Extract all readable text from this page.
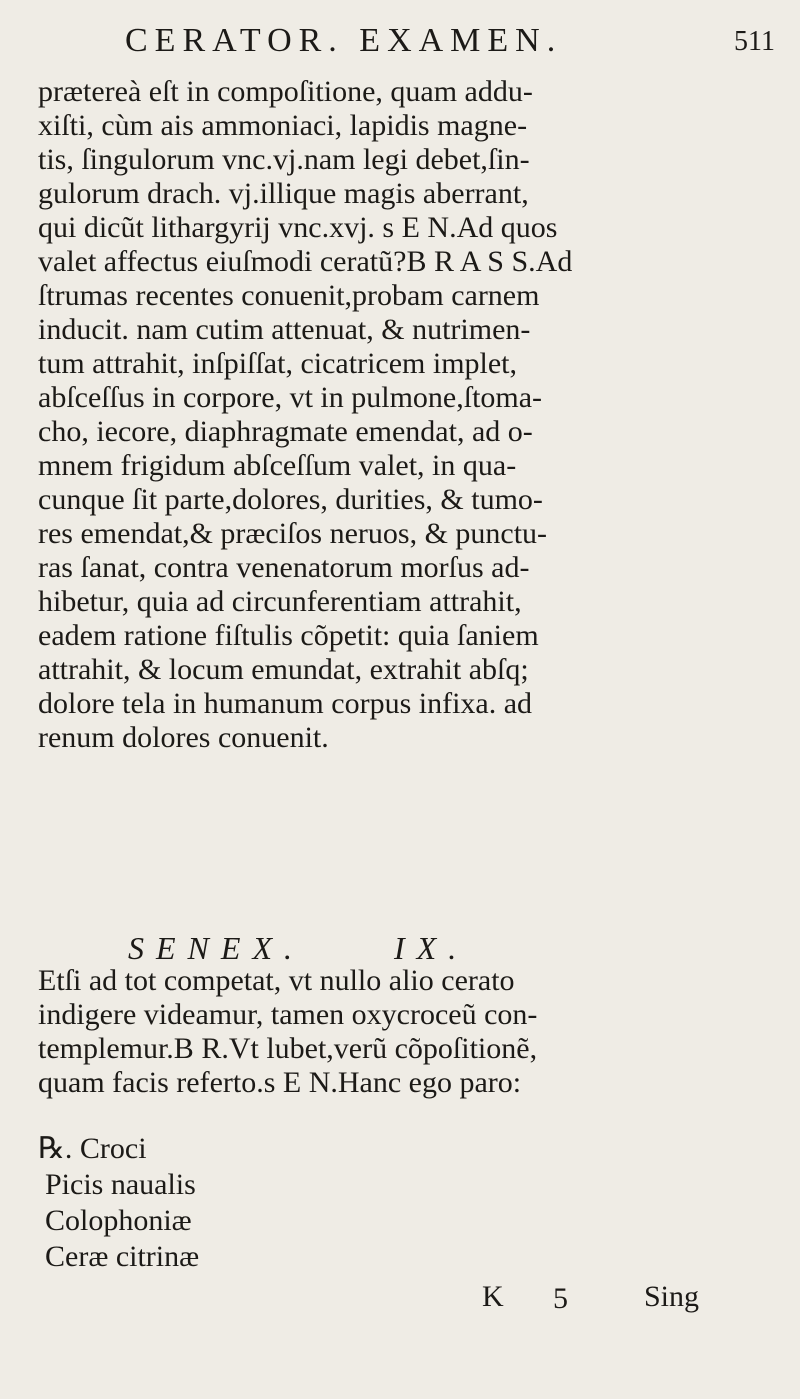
CERATOR. EXAMEN.	511
prætereà eſt in compoſitione, quam addu-
xiſti, cùm ais ammoniaci, lapidis magne-
tis, ſingulorum vnc.vj.nam legi debet,ſin-
gulorum drach. vj.illique magis aberrant,
qui dicũt lithargyrij vnc.xvj. s E N.Ad quos
valet affectus eiuſmodi ceratũ?B R A S S.Ad
ſtrumas recentes conuenit,probam carnem
inducit. nam cutim attenuat, & nutrimen-
tum attrahit, inſpiſſat, cicatricem implet,
abſceſſus in corpore, vt in pulmone,ſtoma-
cho, iecore, diaphragmate emendat, ad o-
mnem frigidum abſceſſum valet, in qua-
cunque ſit parte,dolores, durities, & tumo-
res emendat,& præciſos neruos, & punctu-
ras ſanat, contra venenatorum morſus ad-
hibetur, quia ad circunferentiam attrahit,
eadem ratione fiſtulis cõpetit: quia ſaniem
attrahit, & locum emundat, extrahit abſq;
dolore tela in humanum corpus infixa. ad
renum dolores conuenit.
SENEX.	IX.
Etſi ad tot competat, vt nullo alio cerato
indigere videamur, tamen oxycroceũ con-
templemur.B R.Vt lubet,verũ cõpoſitionẽ,
quam facis referto.s E N.Hanc ego paro:
℞. Croci
Picis naualis
Colophoniæ
Ceræ citrinæ
K 5	Sing
